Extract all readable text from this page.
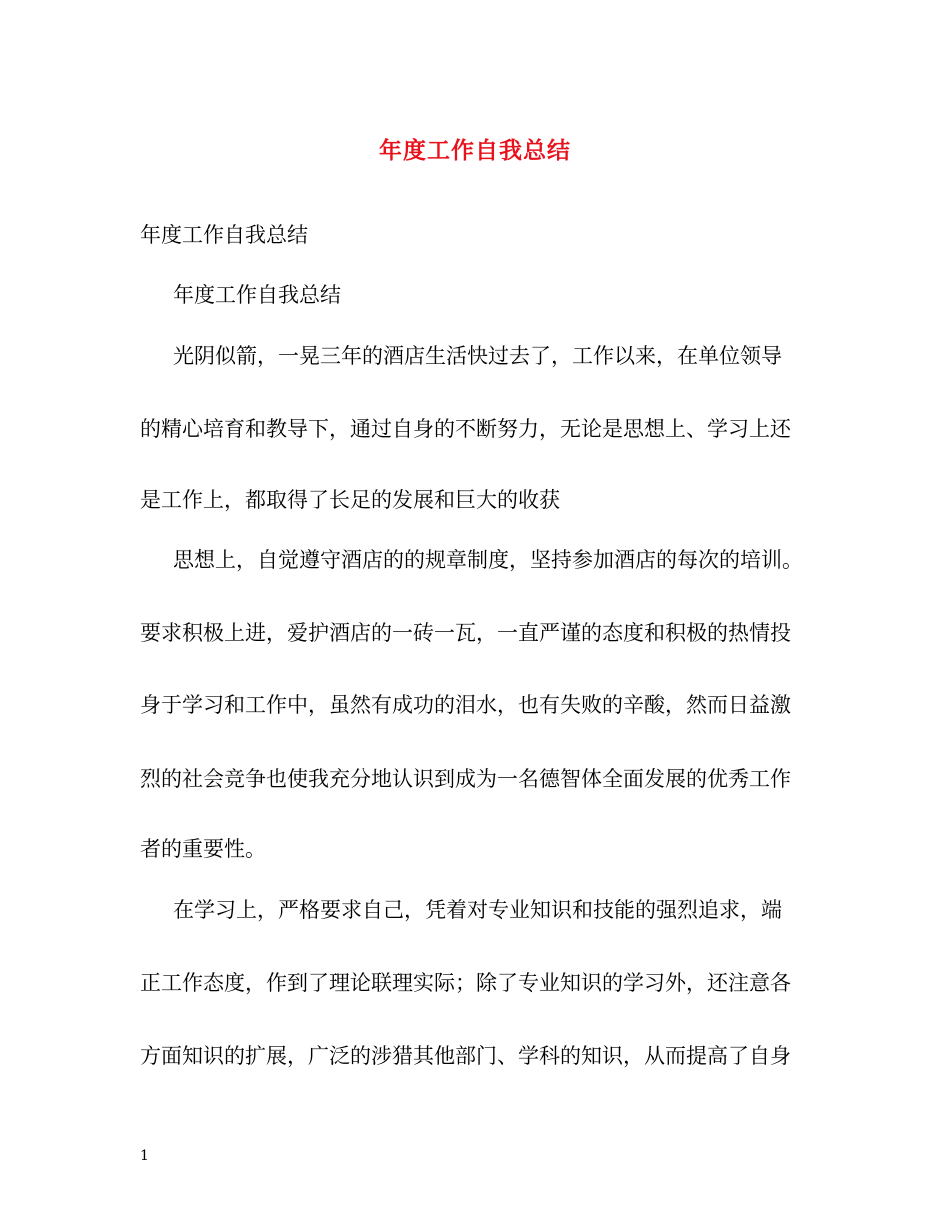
年度工作自我总结
年度工作自我总结
年度工作自我总结
光阴似箭，一晃三年的酒店生活快过去了，工作以来，在单位领导
的精心培育和教导下，通过自身的不断努力，无论是思想上、学习上还
是工作上，都取得了长足的发展和巨大的收获
思想上，自觉遵守酒店的的规章制度，坚持参加酒店的每次的培训。
要求积极上进，爱护酒店的一砖一瓦，一直严谨的态度和积极的热情投
身于学习和工作中，虽然有成功的泪水，也有失败的辛酸，然而日益激
烈的社会竞争也使我充分地认识到成为一名德智体全面发展的优秀工作
者的重要性。
在学习上，严格要求自己，凭着对专业知识和技能的强烈追求，端
正工作态度，作到了理论联理实际；除了专业知识的学习外，还注意各
方面知识的扩展，广泛的涉猎其他部门、学科的知识，从而提高了自身
1
